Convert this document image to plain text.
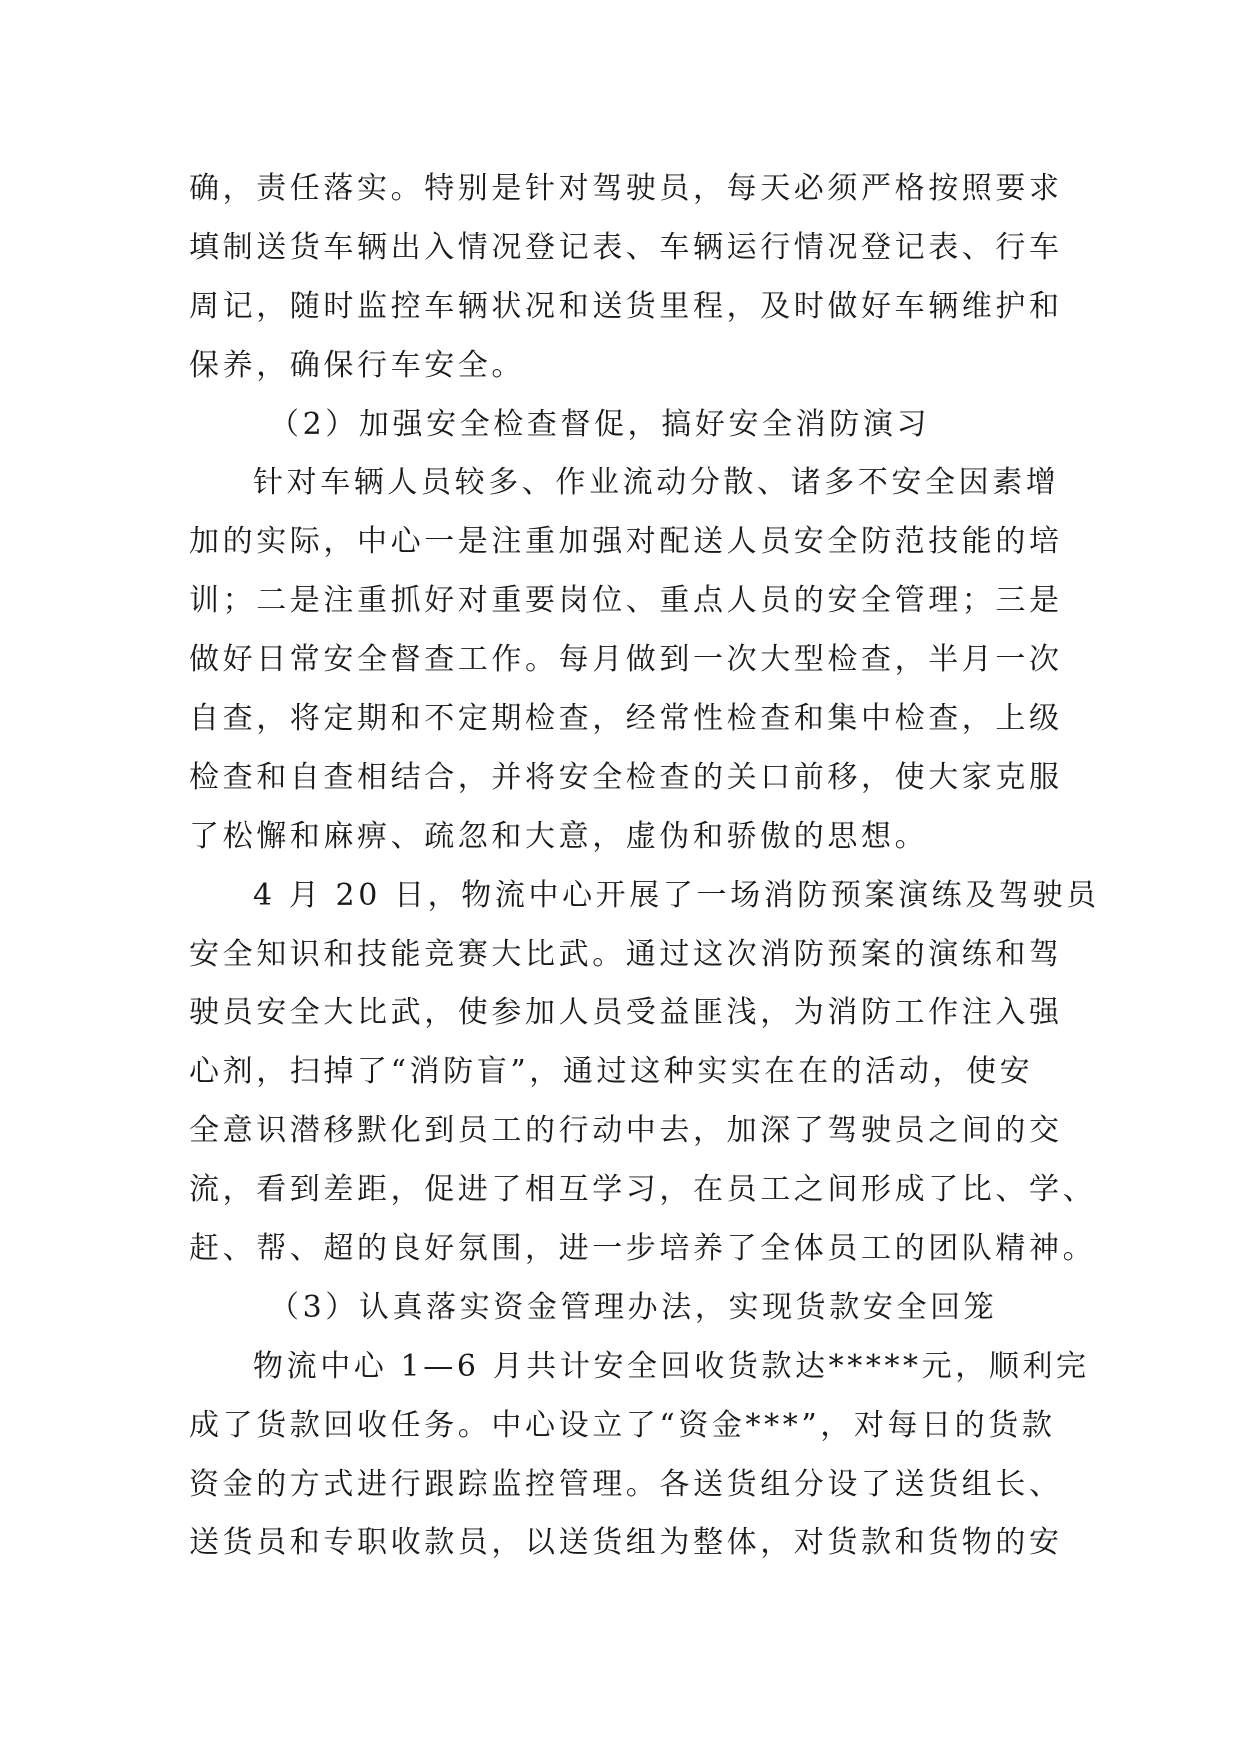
确，责任落实。特别是针对驾驶员，每天必须严格按照要求
填制送货车辆出入情况登记表、车辆运行情况登记表、行车
周记，随时监控车辆状况和送货里程，及时做好车辆维护和
保养，确保行车安全。
（2）加强安全检查督促，搞好安全消防演习
针对车辆人员较多、作业流动分散、诸多不安全因素增
加的实际，中心一是注重加强对配送人员安全防范技能的培
训；二是注重抓好对重要岗位、重点人员的安全管理；三是
做好日常安全督查工作。每月做到一次大型检查，半月一次
自查，将定期和不定期检查，经常性检查和集中检查，上级
检查和自查相结合，并将安全检查的关口前移，使大家克服
了松懈和麻痹、疏忽和大意，虚伪和骄傲的思想。
4 月 20 日，物流中心开展了一场消防预案演练及驾驶员
安全知识和技能竞赛大比武。通过这次消防预案的演练和驾
驶员安全大比武，使参加人员受益匪浅，为消防工作注入强
心剂，扫掉了“消防盲”，通过这种实实在在的活动，使安
全意识潜移默化到员工的行动中去，加深了驾驶员之间的交
流，看到差距，促进了相互学习，在员工之间形成了比、学、
赶、帮、超的良好氛围，进一步培养了全体员工的团队精神。
（3）认真落实资金管理办法，实现货款安全回笼
物流中心 1—6 月共计安全回收货款达*****元，顺利完
成了货款回收任务。中心设立了“资金***”，对每日的货款
资金的方式进行跟踪监控管理。各送货组分设了送货组长、
送货员和专职收款员，以送货组为整体，对货款和货物的安
